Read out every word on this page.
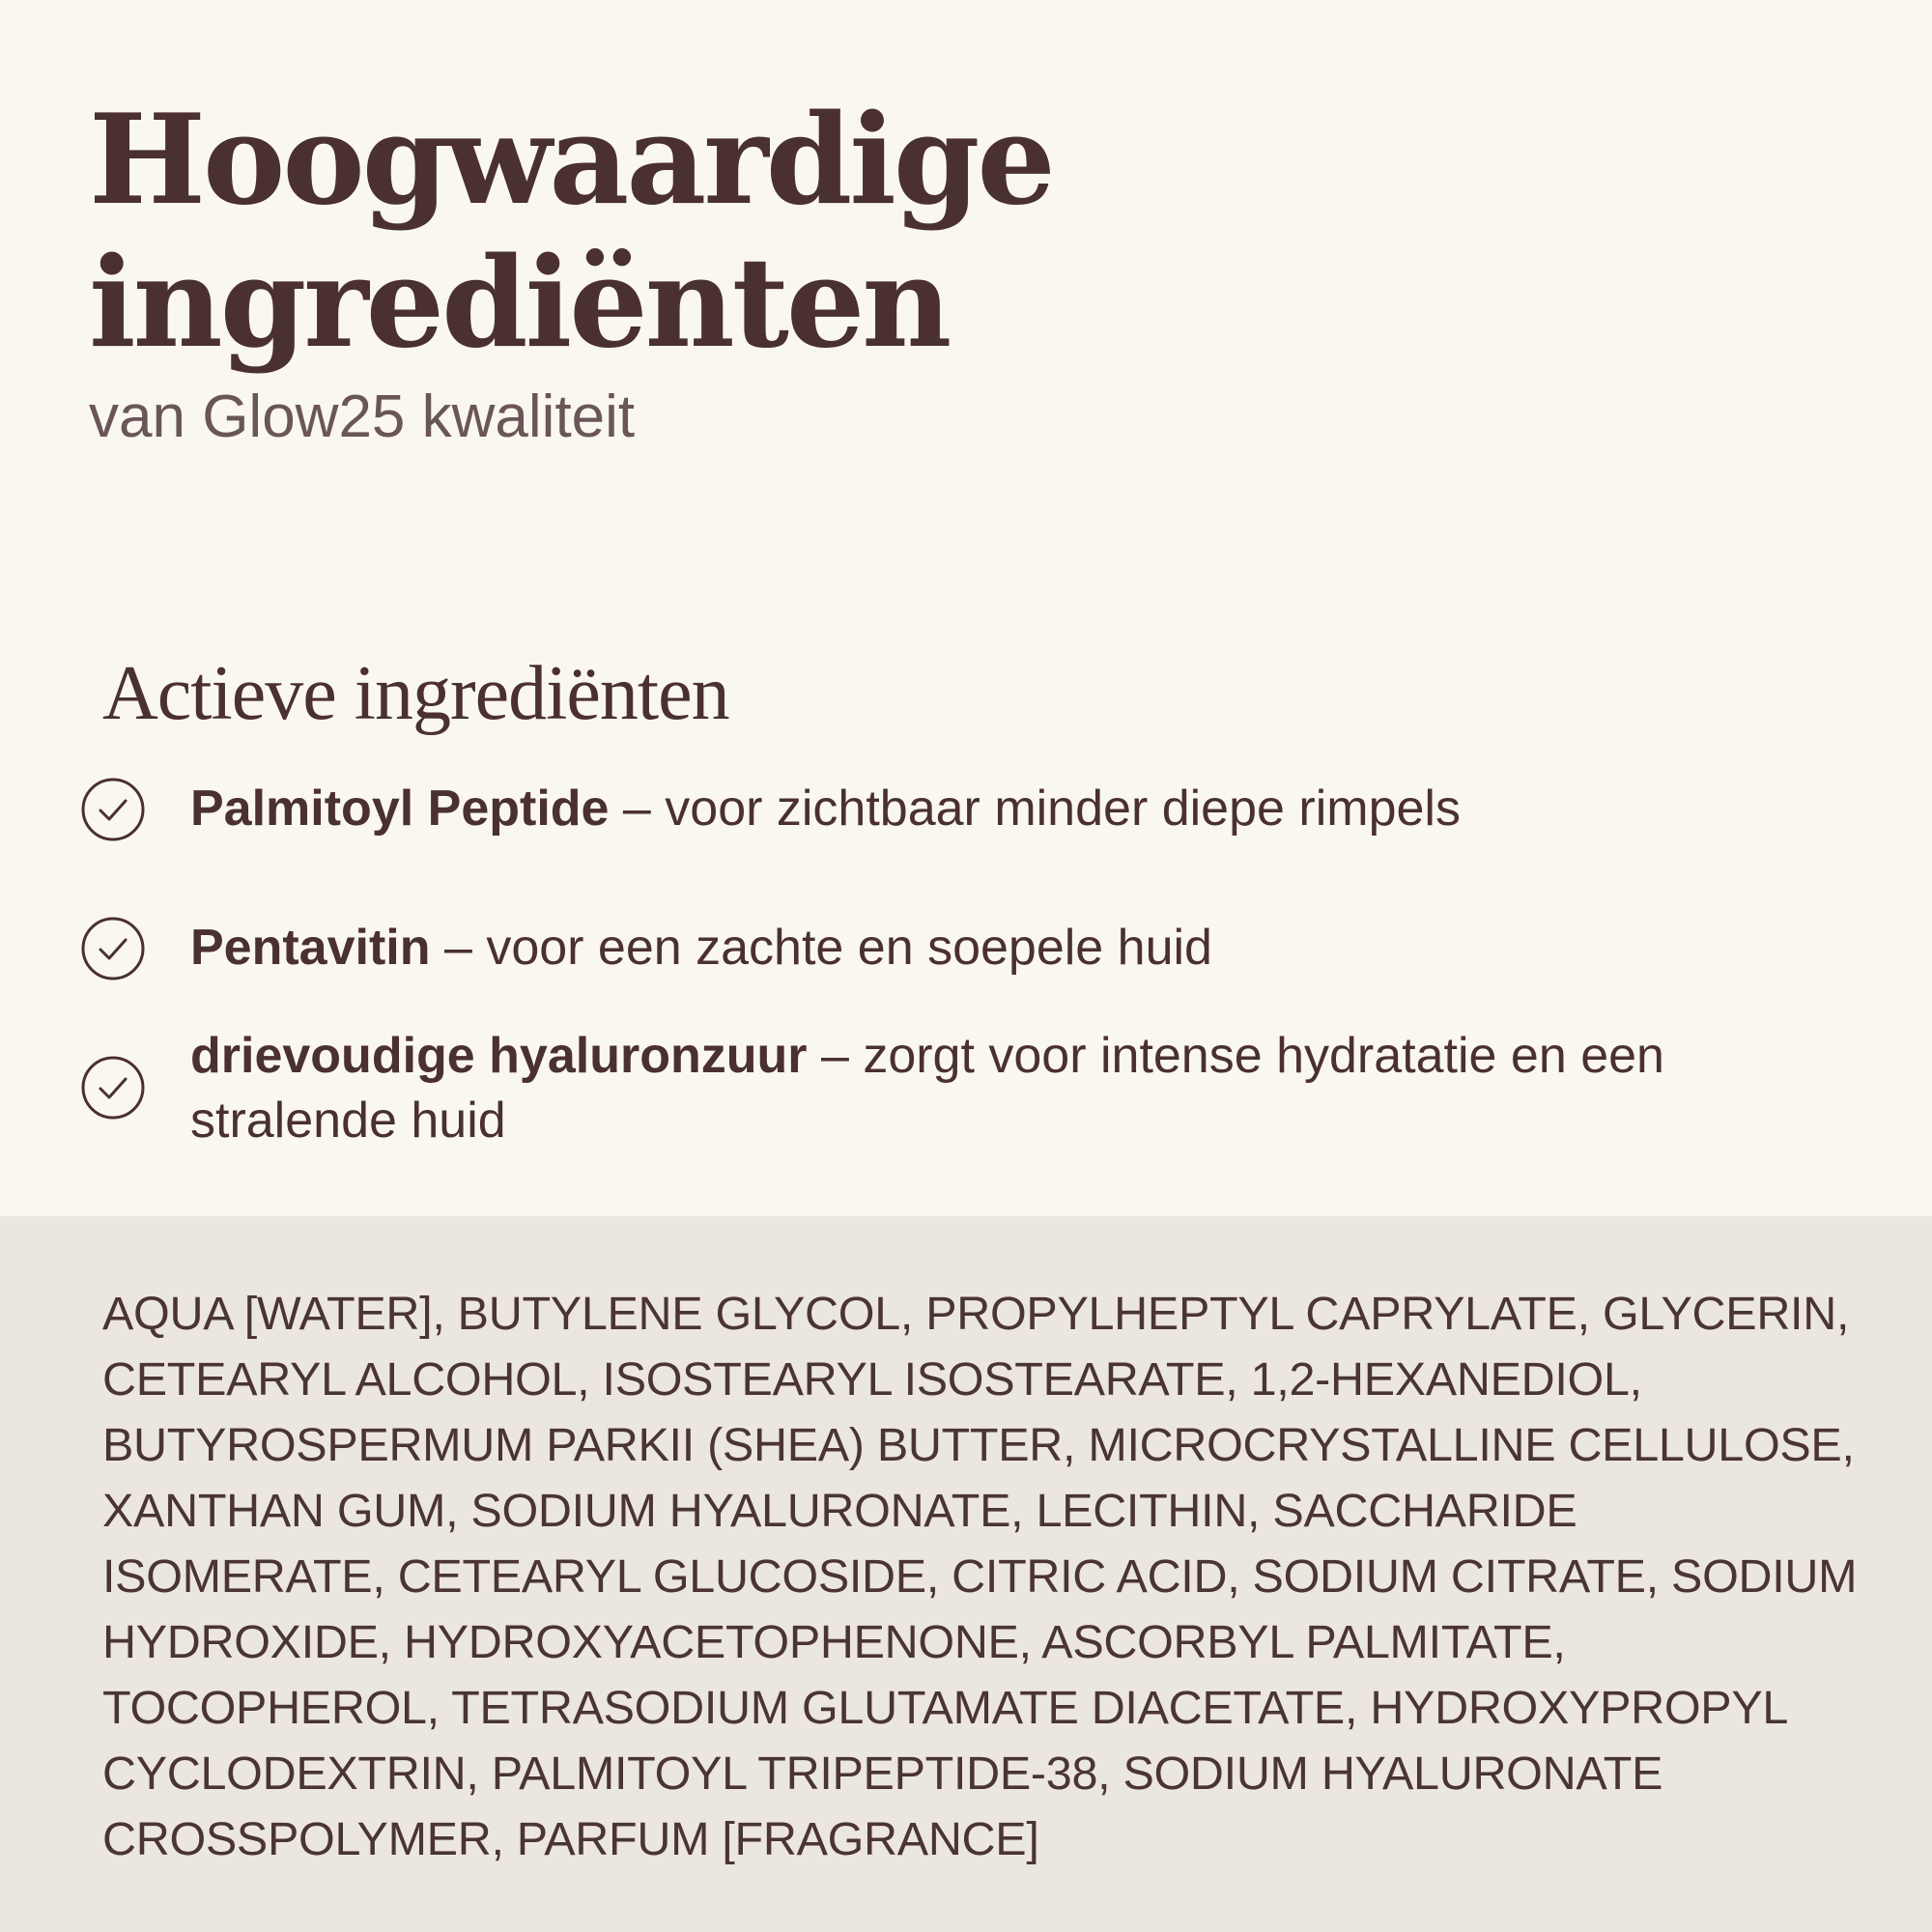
Hoogwaardige
ingrediënten
van Glow25 kwaliteit
Actieve ingrediënten
Palmitoyl Peptide – voor zichtbaar minder diepe rimpels
Pentavitin – voor een zachte en soepele huid
drievoudige hyaluronzuur – zorgt voor intense hydratatie en een stralende huid

AQUA [WATER], BUTYLENE GLYCOL, PROPYLHEPTYL CAPRYLATE, GLYCERIN, CETEARYL ALCOHOL, ISOSTEARYL ISOSTEARATE, 1,2-HEXANEDIOL, BUTYROSPERMUM PARKII (SHEA) BUTTER, MICROCRYSTALLINE CELLULOSE, XANTHAN GUM, SODIUM HYALURONATE, LECITHIN, SACCHARIDE ISOMERATE, CETEARYL GLUCOSIDE, CITRIC ACID, SODIUM CITRATE, SODIUM HYDROXIDE, HYDROXYACETOPHENONE, ASCORBYL PALMITATE, TOCOPHEROL, TETRASODIUM GLUTAMATE DIACETATE, HYDROXYPROPYL CYCLODEXTRIN, PALMITOYL TRIPEPTIDE-38, SODIUM HYALURONATE CROSSPOLYMER, PARFUM [FRAGRANCE]
